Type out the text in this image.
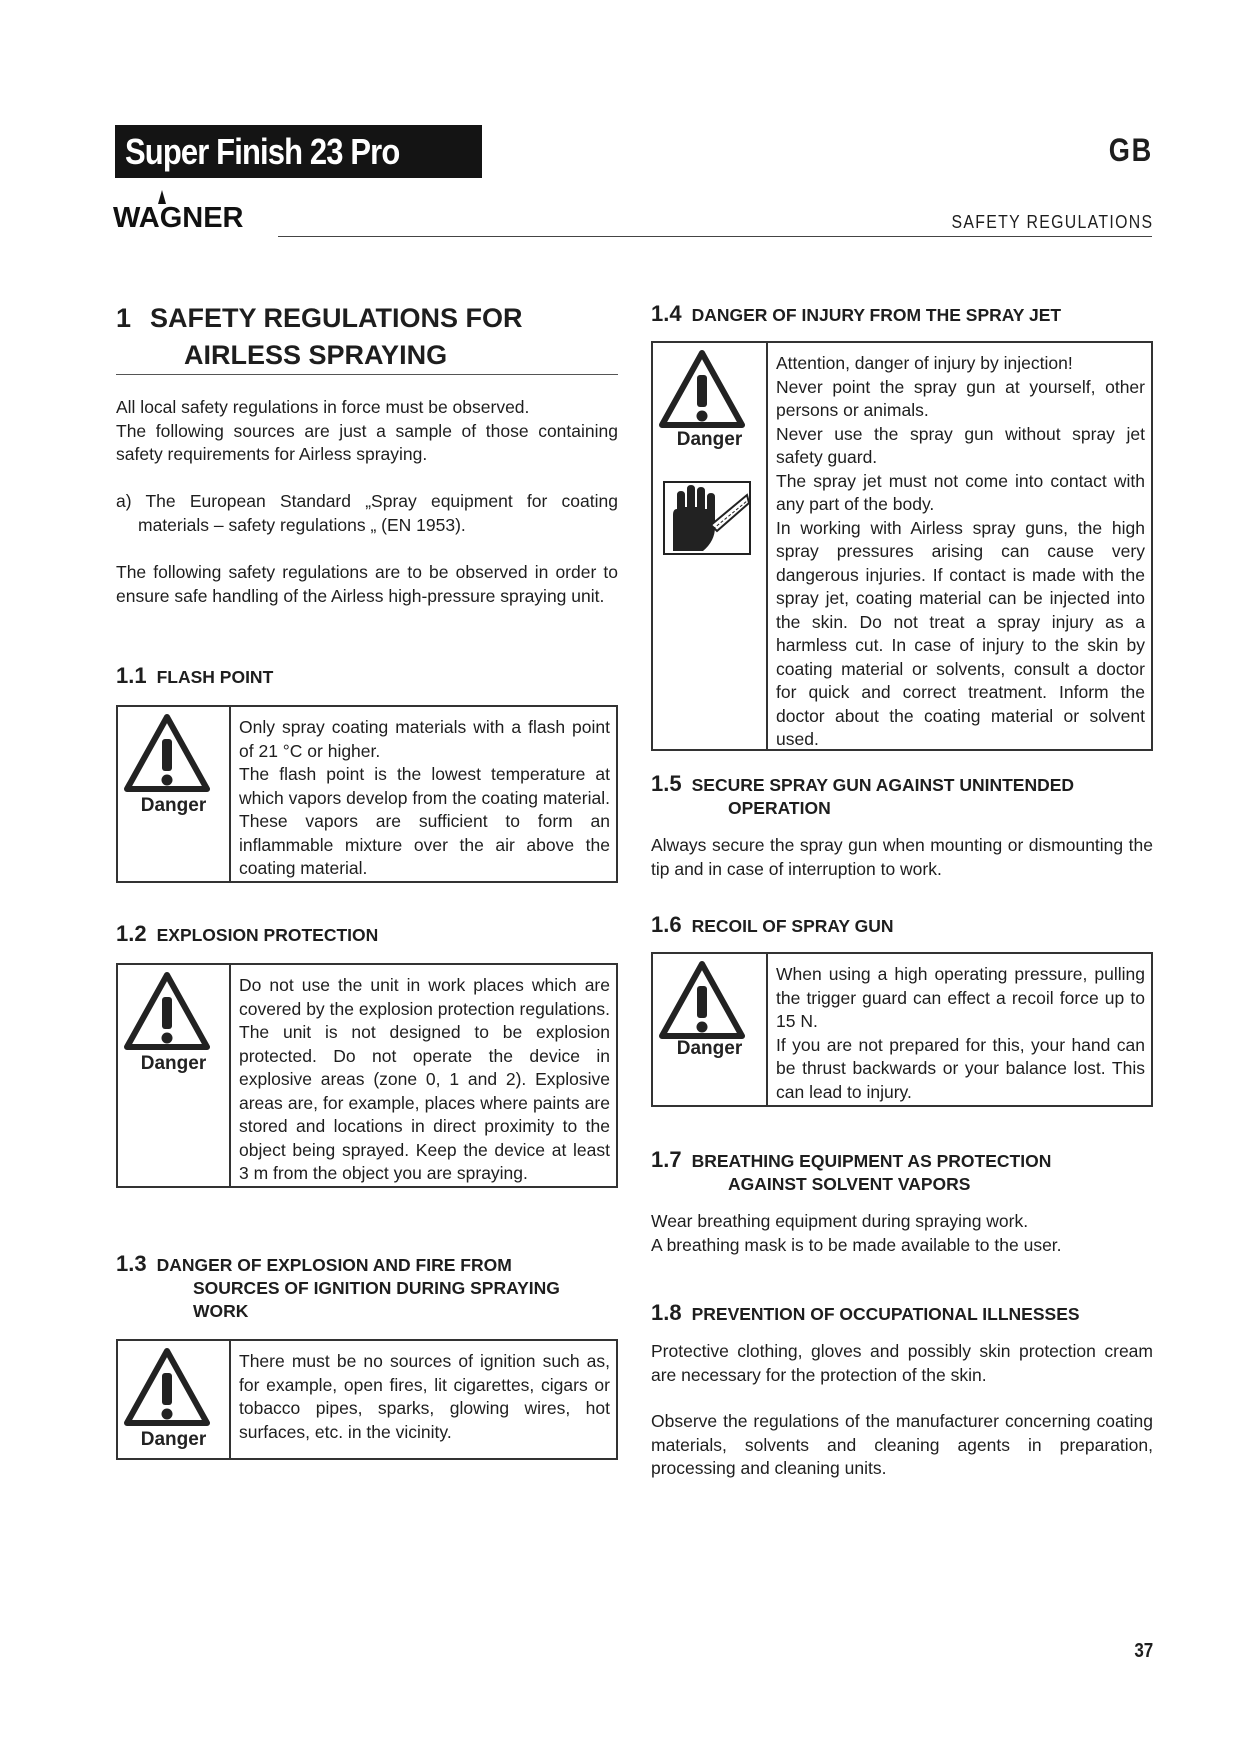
Super Finish 23 Pro	GB
WAGNER	SAFETY REGULATIONS
1 SAFETY REGULATIONS FOR
AIRLESS SPRAYING
All local safety regulations in force must be observed.
The following sources are just a sample of those containing safety requirements for Airless spraying.
a) The European Standard „Spray equipment for coating materials – safety regulations „ (EN 1953).
The following safety regulations are to be observed in order to ensure safe handling of the Airless high-pressure spraying unit.
1.1 FLASH POINT
Danger
Only spray coating materials with a flash point of 21 °C or higher.
The flash point is the lowest temperature at which vapors develop from the coating material. These vapors are sufficient to form an inflammable mixture over the air above the coating material.
1.2 EXPLOSION PROTECTION
Danger
Do not use the unit in work places which are covered by the explosion protection regulations. The unit is not designed to be explosion protected. Do not operate the device in explosive areas (zone 0, 1 and 2). Explosive areas are, for example, places where paints are stored and locations in direct proximity to the object being sprayed. Keep the device at least 3 m from the object you are spraying.
1.3 DANGER OF EXPLOSION AND FIRE FROM
SOURCES OF IGNITION DURING SPRAYING
WORK
Danger
There must be no sources of ignition such as, for example, open fires, lit cigarettes, cigars or tobacco pipes, sparks, glowing wires, hot surfaces, etc. in the vicinity.
1.4 DANGER OF INJURY FROM THE SPRAY JET
Danger
Attention, danger of injury by injection!
Never point the spray gun at yourself, other persons or animals.
Never use the spray gun without spray jet safety guard.
The spray jet must not come into contact with any part of the body.
In working with Airless spray guns, the high spray pressures arising can cause very dangerous injuries. If contact is made with the spray jet, coating material can be injected into the skin. Do not treat a spray injury as a harmless cut. In case of injury to the skin by coating material or solvents, consult a doctor for quick and correct treatment. Inform the doctor about the coating material or solvent used.
1.5 SECURE SPRAY GUN AGAINST UNINTENDED
OPERATION
Always secure the spray gun when mounting or dismounting the tip and in case of interruption to work.
1.6 RECOIL OF SPRAY GUN
Danger
When using a high operating pressure, pulling the trigger guard can effect a recoil force up to 15 N.
If you are not prepared for this, your hand can be thrust backwards or your balance lost. This can lead to injury.
1.7 BREATHING EQUIPMENT AS PROTECTION
AGAINST SOLVENT VAPORS
Wear breathing equipment during spraying work.
A breathing mask is to be made available to the user.
1.8 PREVENTION OF OCCUPATIONAL ILLNESSES
Protective clothing, gloves and possibly skin protection cream are necessary for the protection of the skin.
Observe the regulations of the manufacturer concerning coating materials, solvents and cleaning agents in preparation, processing and cleaning units.
37
